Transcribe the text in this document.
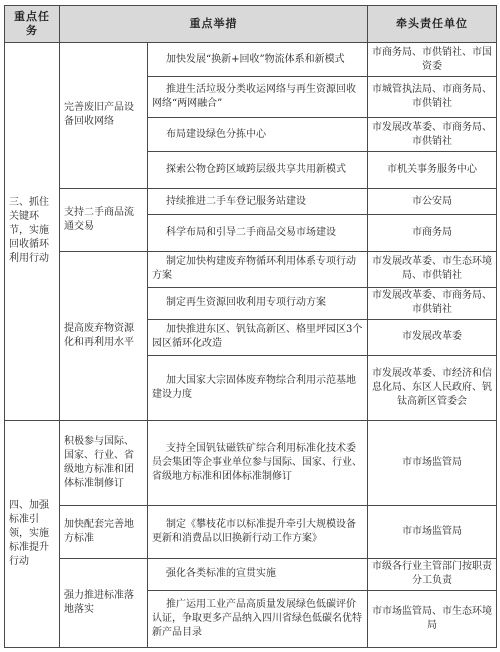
重点任务	重点举措		牵头责任单位
三、抓住关键环节，实施回收循环利用行动	完善废旧产品设备回收网络	加快发展“换新+回收”物流体系和新模式	市商务局、市供销社、市国资委
		推进生活垃圾分类收运网络与再生资源回收网络“两网融合”	市城管执法局、市商务局、市供销社
		布局建设绿色分拣中心	市发展改革委、市商务局、市供销社
		探索公物仓跨区域跨层级共享共用新模式	市机关事务服务中心
	支持二手商品流通交易	持续推进二手车登记服务站建设	市公安局
		科学布局和引导二手商品交易市场建设	市商务局
	提高废弃物资源化和再利用水平	制定加快构建废弃物循环利用体系专项行动方案	市发展改革委、市生态环境局、市供销社
		制定再生资源回收利用专项行动方案	市发展改革委、市商务局、市供销社
		加快推进东区、钒钛高新区、格里坪园区3个园区循环化改造	市发展改革委
		加大国家大宗固体废弃物综合利用示范基地建设力度	市发展改革委、市经济和信息化局、东区人民政府、钒钛高新区管委会
四、加强标准引领，实施标准提升行动	积极参与国际、国家、行业、省级地方标准和团体标准制修订	支持全国钒钛磁铁矿综合利用标准化技术委员会集团等企事业单位参与国际、国家、行业、省级地方标准和团体标准制修订	市市场监管局
	加快配套完善地方标准	制定《攀枝花市以标准提升牵引大规模设备更新和消费品以旧换新行动工作方案》	市市场监管局
	强力推进标准落地落实	强化各类标准的宣贯实施	市级各行业主管部门按职责分工负责
		推广运用工业产品高质量发展绿色低碳评价认证，争取更多产品纳入四川省绿色低碳名优特新产品目录	市市场监管局、市生态环境局
